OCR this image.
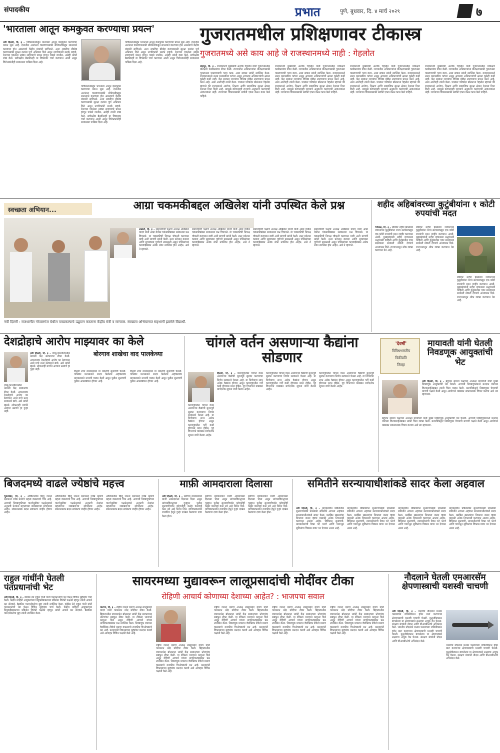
संपादकीय	प्रभात	पुणे, बुधवार, दि. ४ मार्च २०२९	७
'भारताला आतून कमकुवत करण्याचा प्रयत्न'
नवी दिल्ली, दि. ३ – पाकिस्तानकडून भारताला आतून कमकुवत करण्याचा प्रयत्न सुरू आहे. देशातील अशांतता वाढवण्यासाठी सीमेपलीकडून सातत्याने कारवाया होत असल्याचे केंद्रीय मंत्र्यांनी सांगितले. अशा शक्तींचा बीमोड करण्यासाठी सुरक्षा दलांना पूर्ण अधिकार दिले असून नागरिकांनी सतर्क राहावे. देशाच्या एकतेला धक्का लावण्याचे प्रयत्न हाणून पाडले जातील, असेही त्यांनी स्पष्ट केले. सर्वपक्षीय बैठकीतही या विषयावर चर्चा करण्यात आली असून विरोधकांनीही सरकारला पाठिंबा दिला आहे.
पाकिस्तानकडून भारताला आतून कमकुवत करण्याचा प्रयत्न सुरू आहे. देशातील अशांतता वाढवण्यासाठी सीमेपलीकडून सातत्याने कारवाया होत असल्याचे केंद्रीय मंत्र्यांनी सांगितले. अशा शक्तींचा बीमोड करण्यासाठी सुरक्षा दलांना पूर्ण अधिकार दिले असून नागरिकांनी सतर्क राहावे. देशाच्या एकतेला धक्का लावण्याचे प्रयत्न हाणून पाडले जातील, असेही त्यांनी स्पष्ट केले. सर्वपक्षीय बैठकीतही या विषयावर चर्चा करण्यात आली असून विरोधकांनीही सरकारला पाठिंबा दिला आहे.
पाकिस्तानकडून भारताला आतून कमकुवत करण्याचा प्रयत्न सुरू आहे. देशातील अशांतता वाढवण्यासाठी सीमेपलीकडून सातत्याने कारवाया होत असल्याचे केंद्रीय मंत्र्यांनी सांगितले. अशा शक्तींचा बीमोड करण्यासाठी सुरक्षा दलांना पूर्ण अधिकार दिले असून नागरिकांनी सतर्क राहावे. देशाच्या एकतेला धक्का लावण्याचे प्रयत्न हाणून पाडले जातील, असेही त्यांनी स्पष्ट केले. सर्वपक्षीय बैठकीतही या विषयावर चर्चा करण्यात आली असून विरोधकांनीही सरकारला पाठिंबा दिला आहे.
गुजरातमधील प्रशिक्षणावर टीकास्त्र
गुजरातमध्ये असे काय आहे जे राजस्थानमध्ये नाही : गेहलोत
जयपूर, दि. ३ – राजस्थानचे मुख्यमंत्री अशोक गेहलोत यांनी गुजरातमधील प्रशिक्षण कार्यक्रमांवर टीका केली. राज्यातील अधिकाऱ्यांना प्रशिक्षणासाठी गुजरातला पाठवण्याची गरज काय, असा सवाल त्यांनी उपस्थित केला. राजस्थानमध्ये उत्तम प्रशासकीय परंपरा असून आपल्या अधिकाऱ्यांची क्षमता कुठेही कमी नाही. केंद्र सरकार राज्यांवर विशिष्ट मॉडेल लादण्याचा प्रयत्न करत आहे, असा आरोपही त्यांनी केला. पत्रकार परिषदेत बोलताना गेहलोत म्हणाले की राजस्थानने आरोग्य, शिक्षण आणि सामाजिक सुरक्षा क्षेत्रात देशाला दिशा दिली आहे. त्यामुळे कोणत्याही राज्याचे अनुकरण करण्याची आवश्यकता नाही. राज्याच्या विकासासाठी सर्वांनी एकत्र येऊन काम केले पाहिजे.
राजस्थानचे मुख्यमंत्री अशोक गेहलोत यांनी गुजरातमधील प्रशिक्षण कार्यक्रमांवर टीका केली. राज्यातील अधिकाऱ्यांना प्रशिक्षणासाठी गुजरातला पाठवण्याची गरज काय, असा सवाल त्यांनी उपस्थित केला. राजस्थानमध्ये उत्तम प्रशासकीय परंपरा असून आपल्या अधिकाऱ्यांची क्षमता कुठेही कमी नाही. केंद्र सरकार राज्यांवर विशिष्ट मॉडेल लादण्याचा प्रयत्न करत आहे, असा आरोपही त्यांनी केला. पत्रकार परिषदेत बोलताना गेहलोत म्हणाले की राजस्थानने आरोग्य, शिक्षण आणि सामाजिक सुरक्षा क्षेत्रात देशाला दिशा दिली आहे. त्यामुळे कोणत्याही राज्याचे अनुकरण करण्याची आवश्यकता नाही. राज्याच्या विकासासाठी सर्वांनी एकत्र येऊन काम केले पाहिजे.
राजस्थानचे मुख्यमंत्री अशोक गेहलोत यांनी गुजरातमधील प्रशिक्षण कार्यक्रमांवर टीका केली. राज्यातील अधिकाऱ्यांना प्रशिक्षणासाठी गुजरातला पाठवण्याची गरज काय, असा सवाल त्यांनी उपस्थित केला. राजस्थानमध्ये उत्तम प्रशासकीय परंपरा असून आपल्या अधिकाऱ्यांची क्षमता कुठेही कमी नाही. केंद्र सरकार राज्यांवर विशिष्ट मॉडेल लादण्याचा प्रयत्न करत आहे, असा आरोपही त्यांनी केला. पत्रकार परिषदेत बोलताना गेहलोत म्हणाले की राजस्थानने आरोग्य, शिक्षण आणि सामाजिक सुरक्षा क्षेत्रात देशाला दिशा दिली आहे. त्यामुळे कोणत्याही राज्याचे अनुकरण करण्याची आवश्यकता नाही. राज्याच्या विकासासाठी सर्वांनी एकत्र येऊन काम केले पाहिजे.
राजस्थानचे मुख्यमंत्री अशोक गेहलोत यांनी गुजरातमधील प्रशिक्षण कार्यक्रमांवर टीका केली. राज्यातील अधिकाऱ्यांना प्रशिक्षणासाठी गुजरातला पाठवण्याची गरज काय, असा सवाल त्यांनी उपस्थित केला. राजस्थानमध्ये उत्तम प्रशासकीय परंपरा असून आपल्या अधिकाऱ्यांची क्षमता कुठेही कमी नाही. केंद्र सरकार राज्यांवर विशिष्ट मॉडेल लादण्याचा प्रयत्न करत आहे, असा आरोपही त्यांनी केला. पत्रकार परिषदेत बोलताना गेहलोत म्हणाले की राजस्थानने आरोग्य, शिक्षण आणि सामाजिक सुरक्षा क्षेत्रात देशाला दिशा दिली आहे. त्यामुळे कोणत्याही राज्याचे अनुकरण करण्याची आवश्यकता नाही. राज्याच्या विकासासाठी सर्वांनी एकत्र येऊन काम केले पाहिजे.
स्वच्छता अभियान...	आग्रा चकमकीबद्दल अखिलेश यांनी उपस्थित केले प्रश्न
लखनौ, दि. ३ – समाजवादी पक्षाचे अध्यक्ष अखिलेश यादव यांनी आग्रा येथील चकमकीबाबत सरकारला प्रश्न विचारले. या चकमकीची निःपक्ष चौकशी करण्यात यावी अशी मागणी त्यांनी केली. उत्तर प्रदेशात कायदा आणि सुव्यवस्था पूर्णपणे ढासळली असून पोलिसांच्या कारवाईबाबत अनेक शंका उपस्थित होत आहेत, असे ते म्हणाले.
समाजवादी पक्षाचे अध्यक्ष अखिलेश यादव यांनी आग्रा येथील चकमकीबाबत सरकारला प्रश्न विचारले. या चकमकीची निःपक्ष चौकशी करण्यात यावी अशी मागणी त्यांनी केली. उत्तर प्रदेशात कायदा आणि सुव्यवस्था पूर्णपणे ढासळली असून पोलिसांच्या कारवाईबाबत अनेक शंका उपस्थित होत आहेत, असे ते म्हणाले.
समाजवादी पक्षाचे अध्यक्ष अखिलेश यादव यांनी आग्रा येथील चकमकीबाबत सरकारला प्रश्न विचारले. या चकमकीची निःपक्ष चौकशी करण्यात यावी अशी मागणी त्यांनी केली. उत्तर प्रदेशात कायदा आणि सुव्यवस्था पूर्णपणे ढासळली असून पोलिसांच्या कारवाईबाबत अनेक शंका उपस्थित होत आहेत, असे ते म्हणाले.
समाजवादी पक्षाचे अध्यक्ष अखिलेश यादव यांनी आग्रा येथील चकमकीबाबत सरकारला प्रश्न विचारले. या चकमकीची निःपक्ष चौकशी करण्यात यावी अशी मागणी त्यांनी केली. उत्तर प्रदेशात कायदा आणि सुव्यवस्था पूर्णपणे ढासळली असून पोलिसांच्या कारवाईबाबत अनेक शंका उपस्थित होत आहेत, असे ते म्हणाले.
नवी दिल्ली : राजधानीत गोपालगंज येथील पत्रप्रकल्पाचे उद्घाटन करताना केंद्रीय मंत्री व मान्यवर. स्वच्छता अभियानात सहभागी झालेले विद्यार्थी.
शहीद अहिबांवरच्या कुटुंबीयांना १ कोटी रुपयांची मदत
भोपाळ, दि. ३ – सीमेवर शहीद झालेल्या जवानाच्या कुटुंबीयांना राज्य सरकारकडून एक कोटी रुपयांची मदत जाहीर करण्यात आली. मुख्यमंत्र्यांनी शहीद जवानाला श्रद्धांजली वाहिली आणि कुटुंबातील एका सदस्याला सरकारी नोकरी देण्याचे आश्वासन दिले. राज्यभरातून शोक व्यक्त करण्यात येत आहे.
सीमेवर शहीद झालेल्या जवानाच्या कुटुंबीयांना राज्य सरकारकडून एक कोटी रुपयांची मदत जाहीर करण्यात आली. मुख्यमंत्र्यांनी शहीद जवानाला श्रद्धांजली वाहिली आणि कुटुंबातील एका सदस्याला सरकारी नोकरी देण्याचे आश्वासन दिले. राज्यभरातून शोक व्यक्त करण्यात येत आहे.
सीमेवर शहीद झालेल्या जवानाच्या कुटुंबीयांना राज्य सरकारकडून एक कोटी रुपयांची मदत जाहीर करण्यात आली. मुख्यमंत्र्यांनी शहीद जवानाला श्रद्धांजली वाहिली आणि कुटुंबातील एका सदस्याला सरकारी नोकरी देण्याचे आश्वासन दिले. राज्यभरातून शोक व्यक्त करण्यात येत आहे.
देशद्रोहाचे आरोप माझ्यावर का केले
नवी दिल्ली, दि. ३ – जम्मू-काश्मीरमधील नेत्यांनी केंद्र सरकारवर टीका केली. आपल्यावर देशद्रोहाचे आरोप का ठेवण्यात आले याचे उत्तर सरकारने द्यावे, असे त्यांनी म्हटले. लोकशाही मार्गाने आवाज उठवणे हा गुन्हा नाही.
जम्मू-काश्मीरमधील नेत्यांनी केंद्र सरकारवर टीका केली. आपल्यावर देशद्रोहाचे आरोप का ठेवण्यात आले याचे उत्तर सरकारने द्यावे, असे त्यांनी म्हटले. लोकशाही मार्गाने आवाज उठवणे हा गुन्हा नाही.
बोरगाव शाखेचा वाद पालकेच्या
दिल्ली उच्च न्यायालयाने या प्रकरणी सुनावणी घेतली. पालिका प्रशासनाने सादर केलेल्या अहवालावर न्यायालयाने नाराजी व्यक्त केली असून पुढील सुनावणी पुढील आठवड्यात होणार आहे.
दिल्ली उच्च न्यायालयाने या प्रकरणी सुनावणी घेतली. पालिका प्रशासनाने सादर केलेल्या अहवालावर न्यायालयाने नाराजी व्यक्त केली असून पुढील सुनावणी पुढील आठवड्यात होणार आहे.
चांगले वर्तन असणाऱ्या कैद्यांना सोडणार
दिल्ली, दि. ३ – कारागृहातील चांगले वर्तन असणाऱ्या कैद्यांची मुदतपूर्व सुटका करण्याचा निर्णय सरकारने घेतला आहे. या निर्णयाचा लाभ अनेक कैद्यांना होणार असून कारागृहातील गर्दी कमी होण्यास मदत होईल. गृह विभागाने याबाबत मार्गदर्शक सूचना जारी केल्या आहेत.
कारागृहातील चांगले वर्तन असणाऱ्या कैद्यांची मुदतपूर्व सुटका करण्याचा निर्णय सरकारने घेतला आहे. या निर्णयाचा लाभ अनेक कैद्यांना होणार असून कारागृहातील गर्दी कमी होण्यास मदत होईल. गृह विभागाने याबाबत मार्गदर्शक सूचना जारी केल्या आहेत.
कारागृहातील चांगले वर्तन असणाऱ्या कैद्यांची मुदतपूर्व सुटका करण्याचा निर्णय सरकारने घेतला आहे. या निर्णयाचा लाभ अनेक कैद्यांना होणार असून कारागृहातील गर्दी कमी होण्यास मदत होईल. गृह विभागाने याबाबत मार्गदर्शक सूचना जारी केल्या आहेत.
कारागृहातील चांगले वर्तन असणाऱ्या कैद्यांची मुदतपूर्व सुटका करण्याचा निर्णय सरकारने घेतला आहे. या निर्णयाचा लाभ अनेक कैद्यांना होणार असून कारागृहातील गर्दी कमी होण्यास मदत होईल. गृह विभागाने याबाबत मार्गदर्शक सूचना जारी केल्या आहेत.
'देवर्षी'
विविधभारतीय
विक्रीप्रति
जिल्हा
मायावती यांनी घेतली निवडणूक आयुक्तांची भेट
नवी दिल्ली, दि. ३ – बहुजन समाज पक्षाच्या अध्यक्षा मायावती यांनी मुख्य निवडणूक आयुक्तांची भेट घेतली. आगामी निवडणुकांमध्ये मतदान यंत्रांच्या विश्वासार्हतेबाबत त्यांनी चिंता व्यक्त केली. मतपत्रिकेद्वारे निवडणुका घेण्याची मागणी पक्षाने केली असून आयोगाने याबाबत सकारात्मक विचार करावा असे त्या म्हणाल्या.
बहुजन समाज पक्षाच्या अध्यक्षा मायावती यांनी मुख्य निवडणूक आयुक्तांची भेट घेतली. आगामी निवडणुकांमध्ये मतदान यंत्रांच्या विश्वासार्हतेबाबत त्यांनी चिंता व्यक्त केली. मतपत्रिकेद्वारे निवडणुका घेण्याची मागणी पक्षाने केली असून आयोगाने याबाबत सकारात्मक विचार करावा असे त्या म्हणाल्या.
बिजदमध्ये वाढले ज्येष्ठांचे महत्त्व
भुवनेश्वर, दि. ३ – ओडिशातील बिजू जनता दलामध्ये ज्येष्ठ नेत्यांचे महत्त्व वाढल्याचे चित्र आहे. आगामी निवडणुकीच्या पार्श्वभूमीवर पक्षनेतृत्वाने अनुभवी नेत्यांना महत्त्वाच्या जबाबदाऱ्या सोपवल्या आहेत. संघटनात्मक बदल लवकरच जाहीर होणार आहेत.
ओडिशातील बिजू जनता दलामध्ये ज्येष्ठ नेत्यांचे महत्त्व वाढल्याचे चित्र आहे. आगामी निवडणुकीच्या पार्श्वभूमीवर पक्षनेतृत्वाने अनुभवी नेत्यांना महत्त्वाच्या जबाबदाऱ्या सोपवल्या आहेत. संघटनात्मक बदल लवकरच जाहीर होणार आहेत.
ओडिशातील बिजू जनता दलामध्ये ज्येष्ठ नेत्यांचे महत्त्व वाढल्याचे चित्र आहे. आगामी निवडणुकीच्या पार्श्वभूमीवर पक्षनेतृत्वाने अनुभवी नेत्यांना महत्त्वाच्या जबाबदाऱ्या सोपवल्या आहेत. संघटनात्मक बदल लवकरच जाहीर होणार आहेत.
माफ़ी आमदाराला दिलासा
नवी दिल्ली, दि. ३ – सर्वोच्च न्यायालयाने माजी आमदाराला दिलासा दिला असून त्यांच्याविरुद्धच्या गुन्ह्यात पुढील सुनावणीपर्यंत कोणतीही कठोर कारवाई करू नये असे निर्देश दिले. याचिकाकर्त्याने राजकीय हेतूने गुन्हा दाखल केल्याचा दावा केला होता.
सर्वोच्च न्यायालयाने माजी आमदाराला दिलासा दिला असून त्यांच्याविरुद्धच्या गुन्ह्यात पुढील सुनावणीपर्यंत कोणतीही कठोर कारवाई करू नये असे निर्देश दिले. याचिकाकर्त्याने राजकीय हेतूने गुन्हा दाखल केल्याचा दावा केला होता.
सर्वोच्च न्यायालयाने माजी आमदाराला दिलासा दिला असून त्यांच्याविरुद्धच्या गुन्ह्यात पुढील सुनावणीपर्यंत कोणतीही कठोर कारवाई करू नये असे निर्देश दिले. याचिकाकर्त्याने राजकीय हेतूने गुन्हा दाखल केल्याचा दावा केला होता.
समितीने सरन्यायाधीशांकडे सादर केला अहवाल
नवी दिल्ली, दि. ३ – न्यायालयीन प्रक्रियेतील सुधारणांसाठी नेमलेल्या समितीने आपला अहवाल सरन्यायाधीशांकडे सादर केला. प्रलंबित खटल्यांचा निपटारा जलद व्हावा यासाठी अनेक शिफारसी करण्यात आल्या आहेत. डिजिटल सुनावणी, न्यायाधीशांची रिक्त पदे भरणे आणि पायाभूत सुविधांचा विकास यावर भर देण्यात आला आहे.
न्यायालयीन प्रक्रियेतील सुधारणांसाठी नेमलेल्या समितीने आपला अहवाल सरन्यायाधीशांकडे सादर केला. प्रलंबित खटल्यांचा निपटारा जलद व्हावा यासाठी अनेक शिफारसी करण्यात आल्या आहेत. डिजिटल सुनावणी, न्यायाधीशांची रिक्त पदे भरणे आणि पायाभूत सुविधांचा विकास यावर भर देण्यात आला आहे.
न्यायालयीन प्रक्रियेतील सुधारणांसाठी नेमलेल्या समितीने आपला अहवाल सरन्यायाधीशांकडे सादर केला. प्रलंबित खटल्यांचा निपटारा जलद व्हावा यासाठी अनेक शिफारसी करण्यात आल्या आहेत. डिजिटल सुनावणी, न्यायाधीशांची रिक्त पदे भरणे आणि पायाभूत सुविधांचा विकास यावर भर देण्यात आला आहे.
न्यायालयीन प्रक्रियेतील सुधारणांसाठी नेमलेल्या समितीने आपला अहवाल सरन्यायाधीशांकडे सादर केला. प्रलंबित खटल्यांचा निपटारा जलद व्हावा यासाठी अनेक शिफारसी करण्यात आल्या आहेत. डिजिटल सुनावणी, न्यायाधीशांची रिक्त पदे भरणे आणि पायाभूत सुविधांचा विकास यावर भर देण्यात आला आहे.
राहुल गांधींनी घेतली पंतप्रधानांची भेट
नवी दिल्ली, दि. ३ – काँग्रेस नेते राहुल गांधी यांनी पंतप्रधानांची भेट घेऊन विविध मुद्द्यांवर चर्चा केली. केंद्रीय माहिती आयुक्तांच्या नियुक्तीबाबतच्या प्रक्रियेत विरोधी पक्षनेते म्हणून त्यांनी आपले मत नोंदवले. बैठकीत पारदर्शकतेचा मुद्दा त्यांनी उपस्थित केला. काँग्रेस नेते राहुल गांधी यांनी पंतप्रधानांची भेट घेऊन विविध मुद्द्यांवर चर्चा केली. केंद्रीय माहिती आयुक्तांच्या नियुक्तीबाबतच्या प्रक्रियेत विरोधी पक्षनेते म्हणून त्यांनी आपले मत नोंदवले. बैठकीत पारदर्शकतेचा मुद्दा त्यांनी उपस्थित केला.
सायरमध्या मुद्यावरून लालूप्रसादांची मोदींवर टीका
रोहिणी आचार्य कोणाच्या देशाच्या आहेत? : भाजपचा सवाल
पाटणा, दि. ३ – राष्ट्रीय जनता दलाचे अध्यक्ष लालूप्रसाद यादव यांनी पंतप्रधान नरेंद्र मोदींवर टीका केली. बिहारमधील प्रचारसभेत बोलताना त्यांनी केंद्र सरकारच्या धोरणांवर सडकून टीका केली. या टीकेला भाजपने प्रत्युत्तर दिले असून रोहिणी आचार्य यांच्या नागरिकत्वाबाबत प्रश्न उपस्थित केला. निवडणूक प्रचारात वैयक्तिक टीकेचे प्रमाण वाढल्याचे राजकीय विश्लेषकांचे मत आहे. मतदारांनी विकासाच्या मुद्द्यांवर मतदान करावे असे आवाहन विविध पक्षांनी केले आहे.
राष्ट्रीय जनता दलाचे अध्यक्ष लालूप्रसाद यादव यांनी पंतप्रधान नरेंद्र मोदींवर टीका केली. बिहारमधील प्रचारसभेत बोलताना त्यांनी केंद्र सरकारच्या धोरणांवर सडकून टीका केली. या टीकेला भाजपने प्रत्युत्तर दिले असून रोहिणी आचार्य यांच्या नागरिकत्वाबाबत प्रश्न उपस्थित केला. निवडणूक प्रचारात वैयक्तिक टीकेचे प्रमाण वाढल्याचे राजकीय विश्लेषकांचे मत आहे. मतदारांनी विकासाच्या मुद्द्यांवर मतदान करावे असे आवाहन विविध पक्षांनी केले आहे.
राष्ट्रीय जनता दलाचे अध्यक्ष लालूप्रसाद यादव यांनी पंतप्रधान नरेंद्र मोदींवर टीका केली. बिहारमधील प्रचारसभेत बोलताना त्यांनी केंद्र सरकारच्या धोरणांवर सडकून टीका केली. या टीकेला भाजपने प्रत्युत्तर दिले असून रोहिणी आचार्य यांच्या नागरिकत्वाबाबत प्रश्न उपस्थित केला. निवडणूक प्रचारात वैयक्तिक टीकेचे प्रमाण वाढल्याचे राजकीय विश्लेषकांचे मत आहे. मतदारांनी विकासाच्या मुद्द्यांवर मतदान करावे असे आवाहन विविध पक्षांनी केले आहे.
राष्ट्रीय जनता दलाचे अध्यक्ष लालूप्रसाद यादव यांनी पंतप्रधान नरेंद्र मोदींवर टीका केली. बिहारमधील प्रचारसभेत बोलताना त्यांनी केंद्र सरकारच्या धोरणांवर सडकून टीका केली. या टीकेला भाजपने प्रत्युत्तर दिले असून रोहिणी आचार्य यांच्या नागरिकत्वाबाबत प्रश्न उपस्थित केला. निवडणूक प्रचारात वैयक्तिक टीकेचे प्रमाण वाढल्याचे राजकीय विश्लेषकांचे मत आहे. मतदारांनी विकासाच्या मुद्द्यांवर मतदान करावे असे आवाहन विविध पक्षांनी केले आहे.
राष्ट्रीय जनता दलाचे अध्यक्ष लालूप्रसाद यादव यांनी पंतप्रधान नरेंद्र मोदींवर टीका केली. बिहारमधील प्रचारसभेत बोलताना त्यांनी केंद्र सरकारच्या धोरणांवर सडकून टीका केली. या टीकेला भाजपने प्रत्युत्तर दिले असून रोहिणी आचार्य यांच्या नागरिकत्वाबाबत प्रश्न उपस्थित केला. निवडणूक प्रचारात वैयक्तिक टीकेचे प्रमाण वाढल्याचे राजकीय विश्लेषकांचे मत आहे. मतदारांनी विकासाच्या मुद्द्यांवर मतदान करावे असे आवाहन विविध पक्षांनी केले आहे.
नौदलाने घेतली एमआरसॅम क्षेपणास्त्राची यशस्वी चाचणी
नवी दिल्ली, दि. ३ – भारतीय नौदलाने मध्यम पल्ल्याच्या जमिनीवरून हवेत मारा करणाऱ्या क्षेपणास्त्राची यशस्वी चाचणी घेतली. युद्धनौकेवरून डागलेल्या या क्षेपणास्त्राने लक्ष्याचा अचूक वेध घेतला. संरक्षण मंत्र्यांनी नौदल आणि डीआरडीओचे अभिनंदन केले. भारतीय नौदलाने मध्यम पल्ल्याच्या जमिनीवरून हवेत मारा करणाऱ्या क्षेपणास्त्राची यशस्वी चाचणी घेतली. युद्धनौकेवरून डागलेल्या या क्षेपणास्त्राने लक्ष्याचा अचूक वेध घेतला. संरक्षण मंत्र्यांनी नौदल आणि डीआरडीओचे अभिनंदन केले.
भारतीय नौदलाने मध्यम पल्ल्याच्या जमिनीवरून हवेत मारा करणाऱ्या क्षेपणास्त्राची यशस्वी चाचणी घेतली. युद्धनौकेवरून डागलेल्या या क्षेपणास्त्राने लक्ष्याचा अचूक वेध घेतला. संरक्षण मंत्र्यांनी नौदल आणि डीआरडीओचे अभिनंदन केले.
